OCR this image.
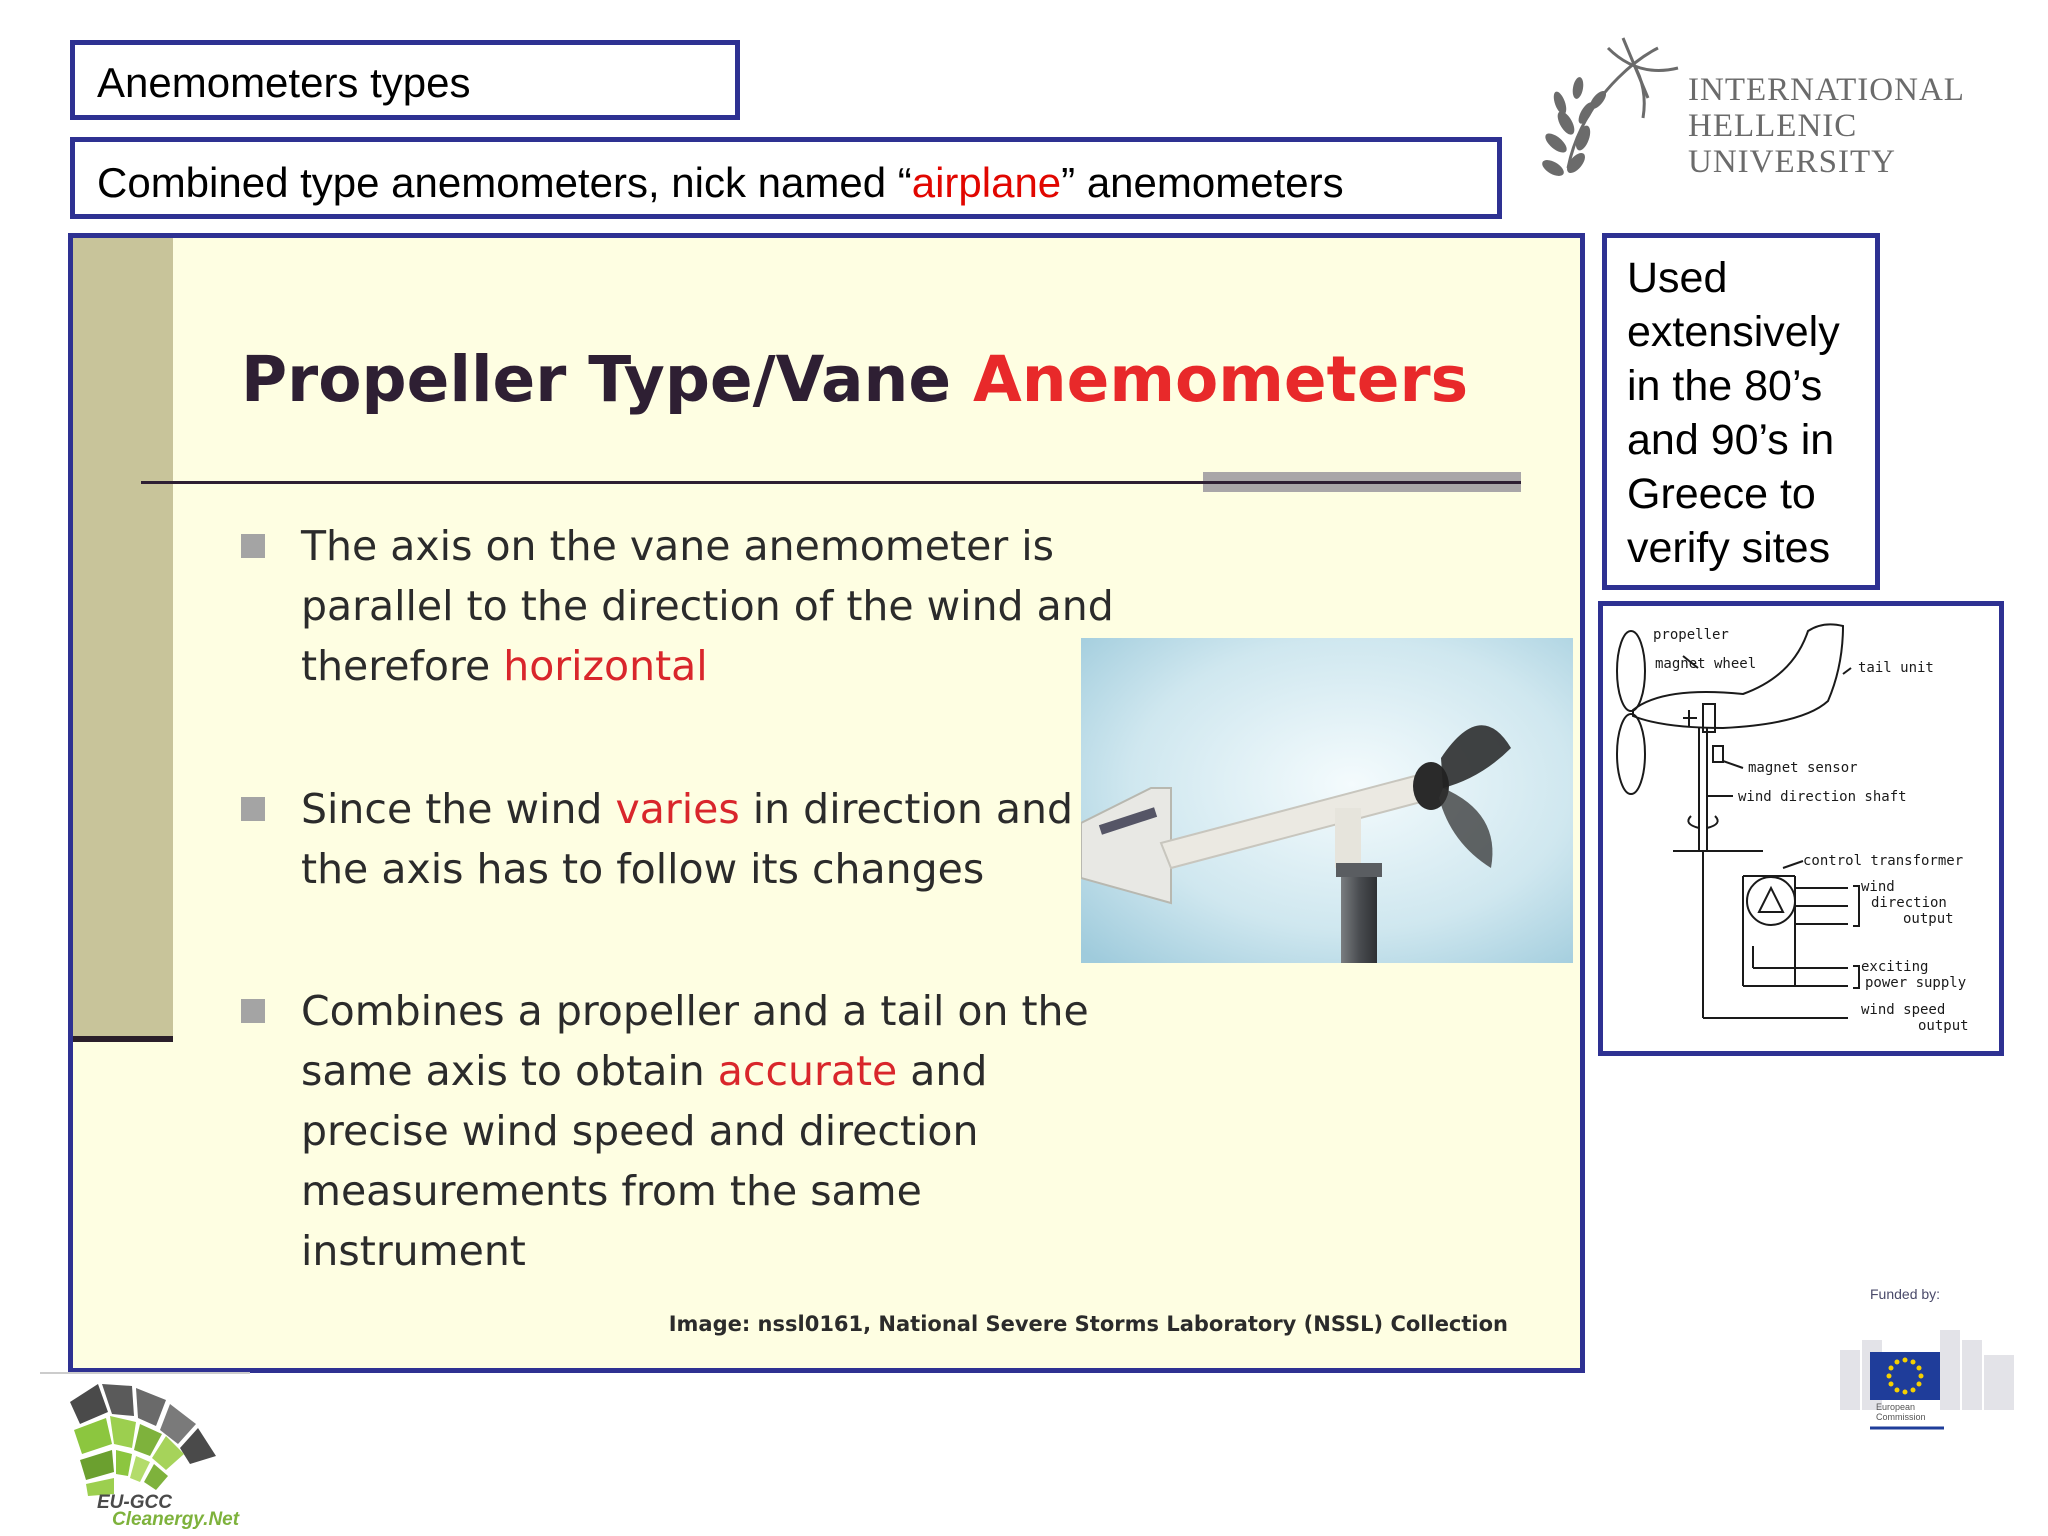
Anemometers types
Combined type anemometers, nick named “airplane” anemometers
INTERNATIONAL
HELLENIC
UNIVERSITY
Propeller Type/Vane Anemometers
The axis on the vane anemometer is parallel to the direction of the wind and therefore horizontal
Since the wind varies in direction and the axis has to follow its changes
Combines a propeller and a tail on the same axis to obtain accurate and precise wind speed and direction measurements from the same instrument
Image: nssl0161, National Severe Storms Laboratory (NSSL) Collection
Used extensively in the 80’s and 90’s in Greece to verify sites
propeller
magnet wheel	tail unit
magnet sensor
wind direction shaft
control transformer
wind
direction
output
exciting
power supply
wind speed
output
Funded by:
European
Commission
EU-GCC
Cleanergy.Net
